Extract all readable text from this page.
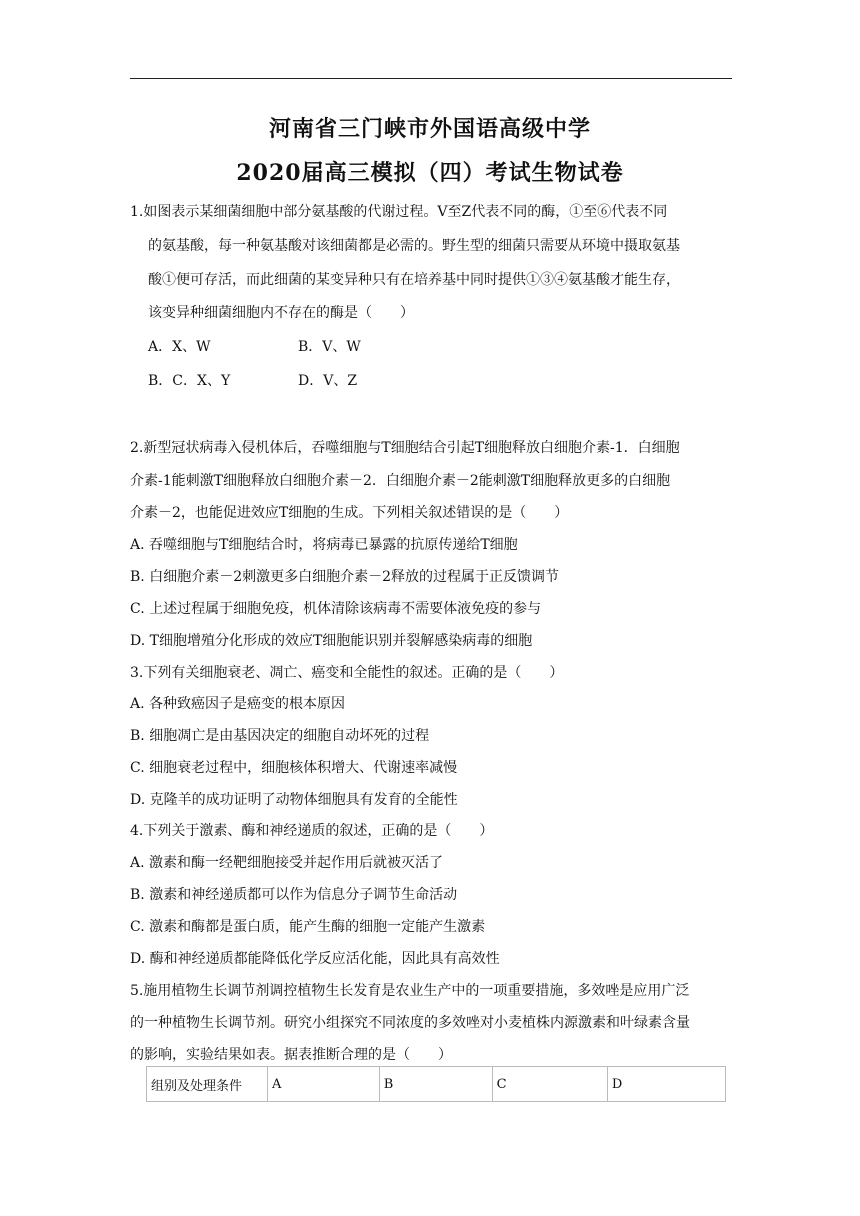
河南省三门峡市外国语高级中学
2020届高三模拟（四）考试生物试卷
1.如图表示某细菌细胞中部分氨基酸的代谢过程。V至Z代表不同的酶，①至⑥代表不同
的氨基酸，每一种氨基酸对该细菌都是必需的。野生型的细菌只需要从环境中摄取氨基
酸①便可存活，而此细菌的某变异种只有在培养基中同时提供①③④氨基酸才能生存，
该变异种细菌细胞内不存在的酶是（　　）
A．X、W	B．V、W
B．C．X、Y	D．V、Z
2.新型冠状病毒入侵机体后，吞噬细胞与T细胞结合引起T细胞释放白细胞介素-1．白细胞
介素-1能刺激T细胞释放白细胞介素－2．白细胞介素－2能刺激T细胞释放更多的白细胞
介素－2，也能促进效应T细胞的生成。下列相关叙述错误的是（　　）
A. 吞噬细胞与T细胞结合时，将病毒已暴露的抗原传递给T细胞
B. 白细胞介素－2刺激更多白细胞介素－2释放的过程属于正反馈调节
C. 上述过程属于细胞免疫，机体清除该病毒不需要体液免疫的参与
D. T细胞增殖分化形成的效应T细胞能识别并裂解感染病毒的细胞
3.下列有关细胞衰老、凋亡、癌变和全能性的叙述。正确的是（　　）
A. 各种致癌因子是癌变的根本原因
B. 细胞凋亡是由基因决定的细胞自动坏死的过程
C. 细胞衰老过程中，细胞核体积增大、代谢速率减慢
D. 克隆羊的成功证明了动物体细胞具有发育的全能性
4.下列关于激素、酶和神经递质的叙述，正确的是（　　）
A. 激素和酶一经靶细胞接受并起作用后就被灭活了
B. 激素和神经递质都可以作为信息分子调节生命活动
C. 激素和酶都是蛋白质，能产生酶的细胞一定能产生激素
D. 酶和神经递质都能降低化学反应活化能，因此具有高效性
5.施用植物生长调节剂调控植物生长发育是农业生产中的一项重要措施，多效唑是应用广泛
的一种植物生长调节剂。研究小组探究不同浓度的多效唑对小麦植株内源激素和叶绿素含量
的影响，实验结果如表。据表推断合理的是（　　）
组别及处理条件	A	B	C	D
